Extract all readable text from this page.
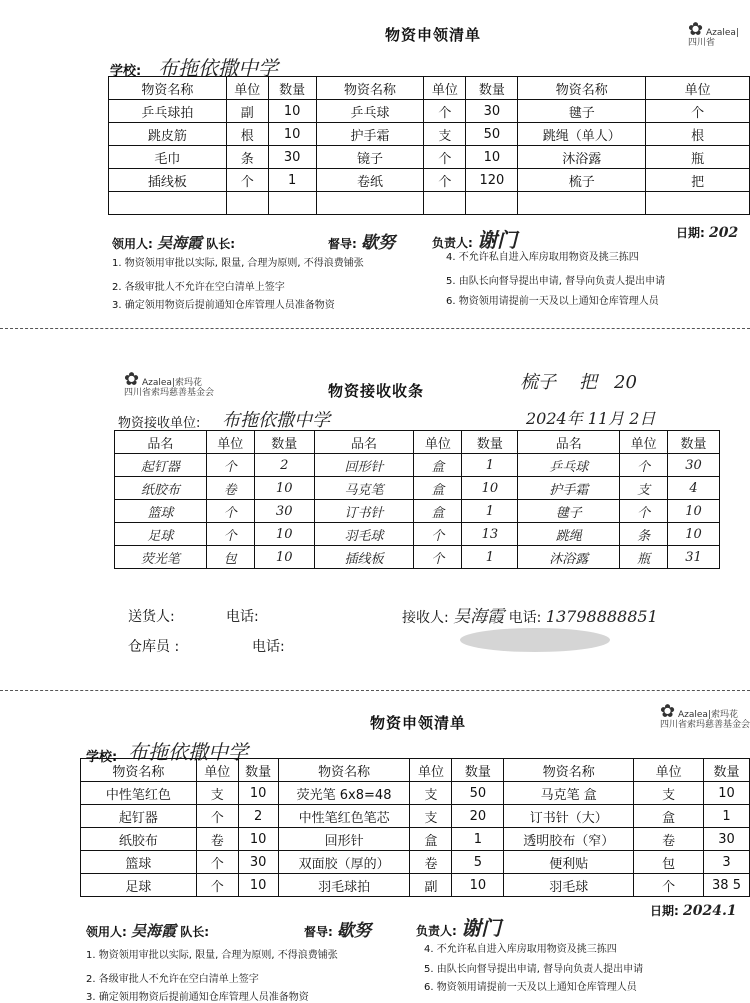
物资申领清单	✿ Azalea|
四川省
学校: 布拖依撒中学
物资名称	单位	数量	物资名称	单位	数量	物资名称	单位
乒乓球拍	副	10	乒乓球	个	30	毽子	个
跳皮筋	根	10	护手霜	支	50	跳绳（单人）	根
毛巾	条	30	镜子	个	10	沐浴露	瓶
插线板	个	1	卷纸	个	120	梳子	把

领用人: 吴海霞 队长:	督导: 歇努	负责人: 谢门	日期: 202
1. 物资领用审批以实际, 限量, 合理为原则, 不得浪费铺张
2. 各级审批人不允许在空白清单上签字
3. 确定领用物资后提前通知仓库管理人员准备物资
4. 不允许私自进入库房取用物资及挑三拣四
5. 由队长向督导提出申请, 督导向负责人提出申请
6. 物资领用请提前一天及以上通知仓库管理人员
✿ Azalea|索玛花
四川省索玛慈善基金会	物资接收收条	梳子    把   20
物资接收单位: 布拖依撒中学	2024年 11月 2日
品名	单位	数量	品名	单位	数量	品名	单位	数量
起钉器	个	2	回形针	盒	1	乒乓球	个	30
纸胶布	卷	10	马克笔	盒	10	护手霜	支	4
篮球	个	30	订书针	盒	1	毽子	个	10
足球	个	10	羽毛球	个	13	跳绳	条	10
荧光笔	包	10	插线板	个	1	沐浴露	瓶	31
送货人:	电话:	接收人: 吴海霞 电话: 13798888851
仓库员 :	电话:
物资申领清单
✿ Azalea|索玛花
四川省索玛慈善基金会
学校: 布拖依撒中学
物资名称	单位	数量	物资名称	单位	数量	物资名称	单位	数量
中性笔红色	支	10	荧光笔 6x8=48	支	50	马克笔 盒	支	10
起钉器	个	2	中性笔红色笔芯	支	20	订书针（大）	盒	1
纸胶布	卷	10	回形针	盒	1	透明胶布（窄）	卷	30
篮球	个	30	双面胶（厚的）	卷	5	便利贴	包	3
足球	个	10	羽毛球拍	副	10	羽毛球	个	38 5
领用人: 吴海霞 队长:	督导: 歇努	负责人: 谢门
日期: 2024.1
1. 物资领用审批以实际, 限量, 合理为原则, 不得浪费铺张
2. 各级审批人不允许在空白清单上签字
3. 确定领用物资后提前通知仓库管理人员准备物资
4. 不允许私自进入库房取用物资及挑三拣四
5. 由队长向督导提出申请, 督导向负责人提出申请
6. 物资领用请提前一天及以上通知仓库管理人员
